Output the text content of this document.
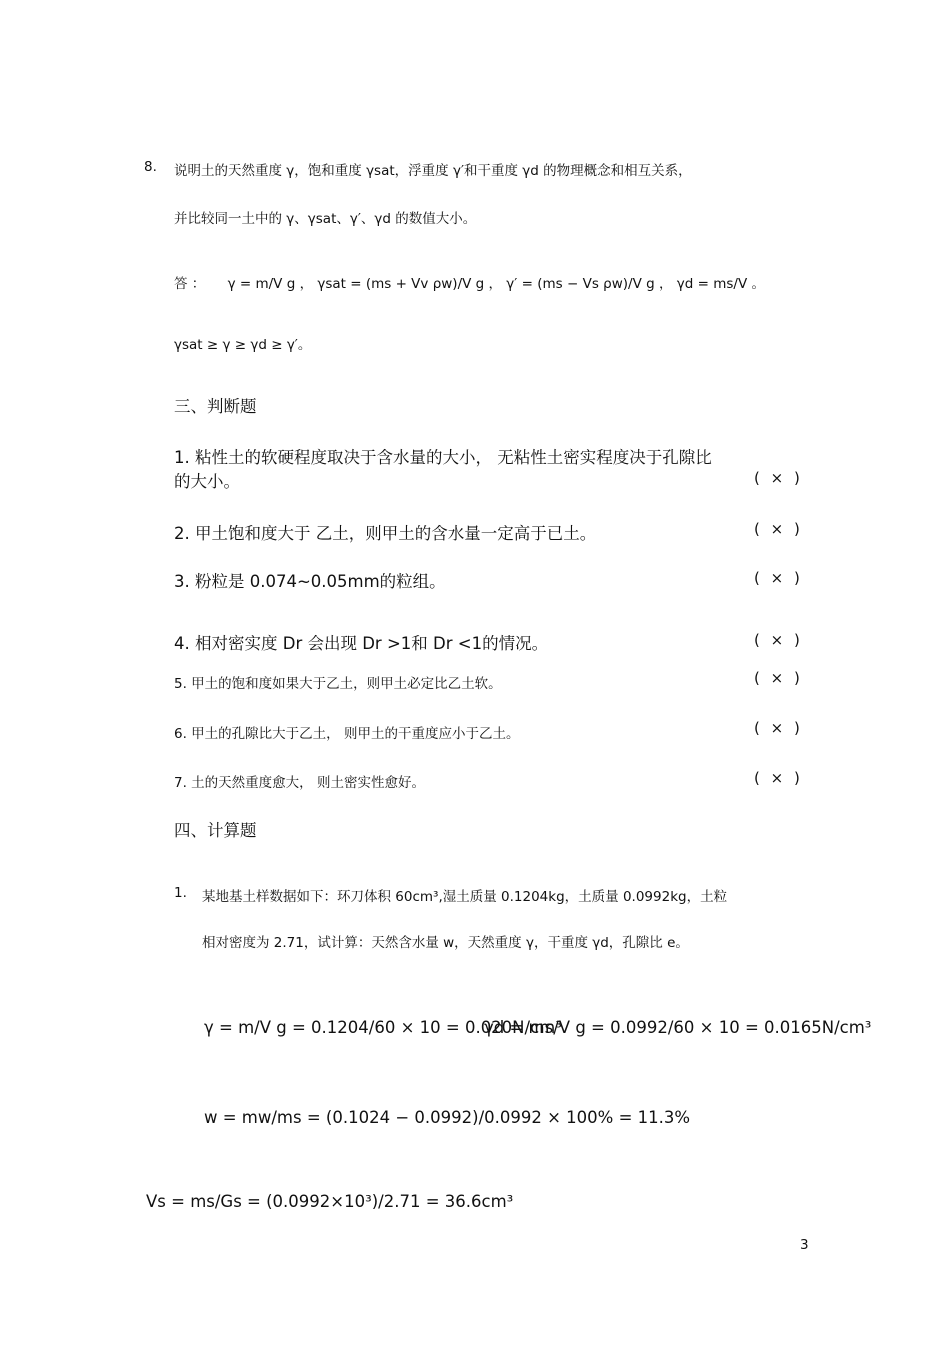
8. 说明土的天然重度 γ，饱和重度 γsat，浮重度 γ′和干重度 γd 的物理概念和相互关系，
并比较同一土中的 γ、γsat、γ′、γd 的数值大小。
答 ： γ = m/V g ， γsat = (ms + Vv ρw)/V g ， γ′ = (ms − Vs ρw)/V g ， γd = ms/V 。
γsat ≥ γ ≥ γd ≥ γ′。
三、判断题
1. 粘性土的软硬程度取决于含水量的大小， 无粘性土密实程度决于孔隙比
的大小。	( × )
2. 甲土饱和度大于 乙土，则甲土的含水量一定高于已土。	( × )
3. 粉粒是 0.074~0.05mm的粒组。	( × )
4. 相对密实度 Dr 会出现 Dr >1和 Dr <1的情况。	( × )
5. 甲土的饱和度如果大于乙土，则甲土必定比乙土软。	( × )
6. 甲土的孔隙比大于乙土， 则甲土的干重度应小于乙土。	( × )
7. 土的天然重度愈大， 则土密实性愈好。	( × )
四、计算题
1. 某地基土样数据如下：环刀体积 60cm³,湿土质量 0.1204kg，土质量 0.0992kg，土粒
相对密度为 2.71，试计算：天然含水量 w，天然重度 γ，干重度 γd，孔隙比 e。
γ = m/V g = 0.1204/60 × 10 = 0.020N/cm³
γd = ms/V g = 0.0992/60 × 10 = 0.0165N/cm³
w = mw/ms = (0.1024 − 0.0992)/0.0992 × 100% = 11.3%
Vs = ms/Gs = (0.0992×10³)/2.71 = 36.6cm³
3
